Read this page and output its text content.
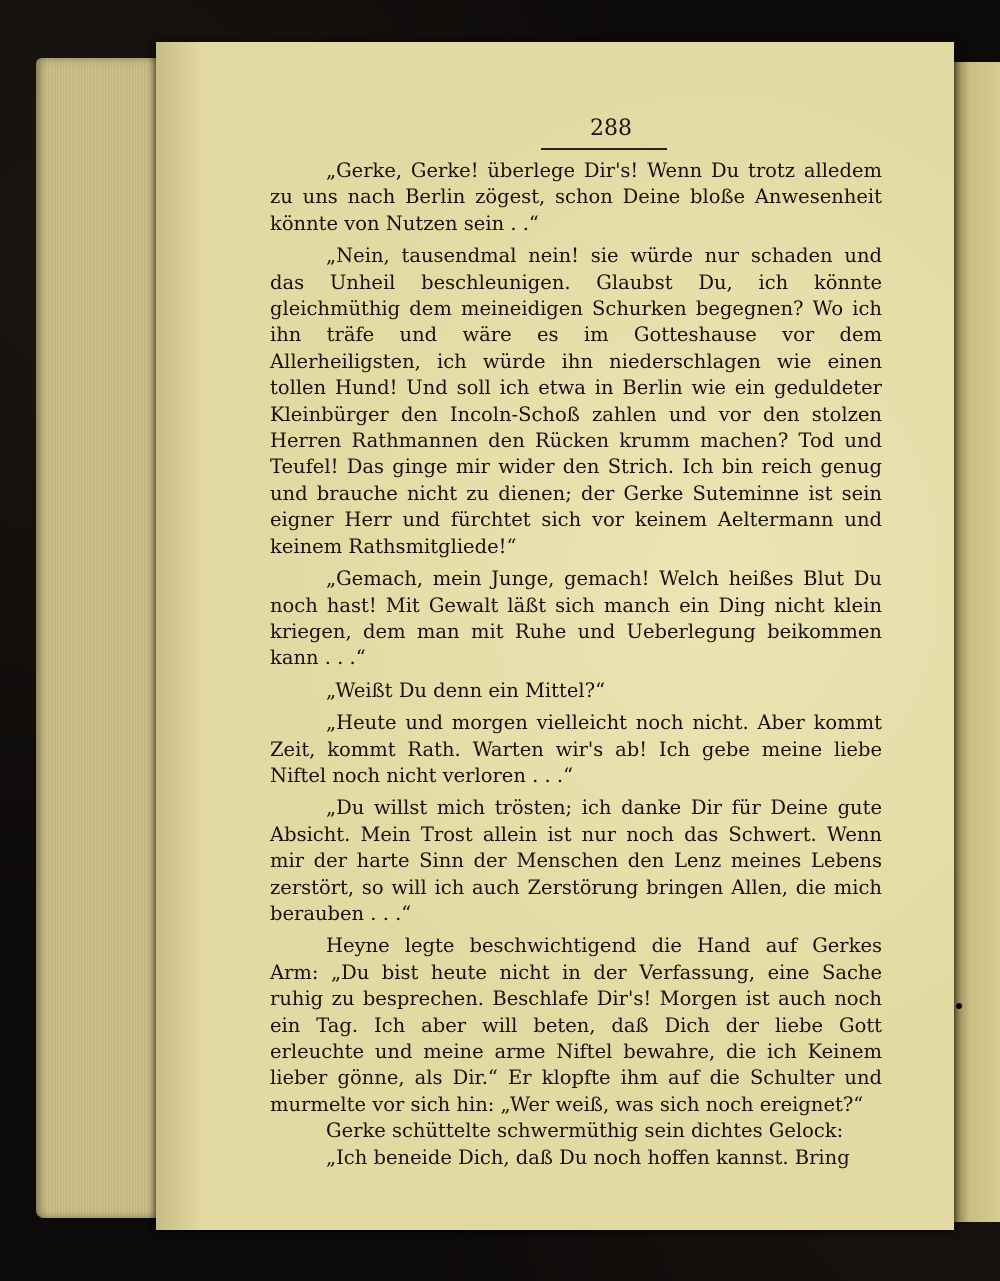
288

„Gerke, Gerke! überlege Dir's! Wenn Du trotz alledem zu uns nach Berlin zögest, schon Deine bloße Anwesenheit könnte von Nutzen sein . .“

„Nein, tausendmal nein! sie würde nur schaden und das Unheil beschleunigen. Glaubst Du, ich könnte gleichmüthig dem meineidigen Schurken begegnen? Wo ich ihn träfe und wäre es im Gotteshause vor dem Allerheiligsten, ich würde ihn niederschlagen wie einen tollen Hund! Und soll ich etwa in Berlin wie ein geduldeter Kleinbürger den Incoln-Schoß zahlen und vor den stolzen Herren Rathmannen den Rücken krumm machen? Tod und Teufel! Das ginge mir wider den Strich. Ich bin reich genug und brauche nicht zu dienen; der Gerke Suteminne ist sein eigner Herr und fürchtet sich vor keinem Aeltermann und keinem Rathsmitgliede!“

„Gemach, mein Junge, gemach! Welch heißes Blut Du noch hast! Mit Gewalt läßt sich manch ein Ding nicht klein kriegen, dem man mit Ruhe und Ueberlegung beikommen kann . . .“

„Weißt Du denn ein Mittel?“

„Heute und morgen vielleicht noch nicht. Aber kommt Zeit, kommt Rath. Warten wir's ab! Ich gebe meine liebe Niftel noch nicht verloren . . .“

„Du willst mich trösten; ich danke Dir für Deine gute Absicht. Mein Trost allein ist nur noch das Schwert. Wenn mir der harte Sinn der Menschen den Lenz meines Lebens zerstört, so will ich auch Zerstörung bringen Allen, die mich berauben . . .“

Heyne legte beschwichtigend die Hand auf Gerkes Arm: „Du bist heute nicht in der Verfassung, eine Sache ruhig zu besprechen. Beschlafe Dir's! Morgen ist auch noch ein Tag. Ich aber will beten, daß Dich der liebe Gott erleuchte und meine arme Niftel bewahre, die ich Keinem lieber gönne, als Dir.“ Er klopfte ihm auf die Schulter und murmelte vor sich hin: „Wer weiß, was sich noch ereignet?“

Gerke schüttelte schwermüthig sein dichtes Gelock:

„Ich beneide Dich, daß Du noch hoffen kannst. Bring
